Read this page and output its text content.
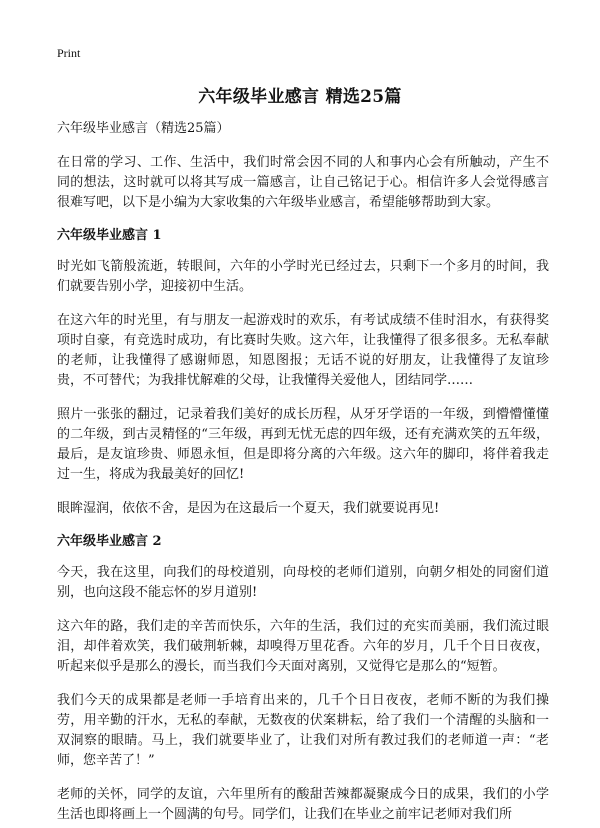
Print
六年级毕业感言 精选25篇
六年级毕业感言（精选25篇）

在日常的学习、工作、生活中，我们时常会因不同的人和事内心会有所触动，产生不同的想法，这时就可以将其写成一篇感言，让自己铭记于心。相信许多人会觉得感言很难写吧，以下是小编为大家收集的六年级毕业感言，希望能够帮助到大家。

六年级毕业感言 1

时光如飞箭般流逝，转眼间，六年的小学时光已经过去，只剩下一个多月的时间，我们就要告别小学，迎接初中生活。

在这六年的时光里，有与朋友一起游戏时的欢乐，有考试成绩不佳时泪水，有获得奖项时自豪，有竞选时成功，有比赛时失败。这六年，让我懂得了很多很多。无私奉献的老师，让我懂得了感谢师恩，知恩图报；无话不说的好朋友，让我懂得了友谊珍贵，不可替代；为我排忧解难的父母，让我懂得关爱他人，团结同学……

照片一张张的翻过，记录着我们美好的成长历程，从牙牙学语的一年级，到懵懵懂懂的二年级，到古灵精怪的“三年级，再到无忧无虑的四年级，还有充满欢笑的五年级，最后，是友谊珍贵、师恩永恒，但是即将分离的六年级。这六年的脚印，将伴着我走过一生，将成为我最美好的回忆!

眼眸湿润，依依不舍，是因为在这最后一个夏天，我们就要说再见!

六年级毕业感言 2

今天，我在这里，向我们的母校道别，向母校的老师们道别，向朝夕相处的同窗们道别，也向这段不能忘怀的岁月道别!

这六年的路，我们走的辛苦而快乐，六年的生活，我们过的充实而美丽，我们流过眼泪，却伴着欢笑，我们破荆斩棘，却嗅得万里花香。六年的岁月，几千个日日夜夜，听起来似乎是那么的漫长，而当我们今天面对离别，又觉得它是那么的“短暂。

我们今天的成果都是老师一手培育出来的，几千个日日夜夜，老师不断的为我们操劳，用辛勤的汗水，无私的奉献，无数夜的伏案耕耘，给了我们一个清醒的头脑和一双洞察的眼睛。马上，我们就要毕业了，让我们对所有教过我们的老师道一声：“老师，您辛苦了！”

老师的关怀，同学的友谊，六年里所有的酸甜苦辣都凝聚成今日的成果，我们的小学生活也即将画上一个圆满的句号。同学们，让我们在毕业之前牢记老师对我们所
